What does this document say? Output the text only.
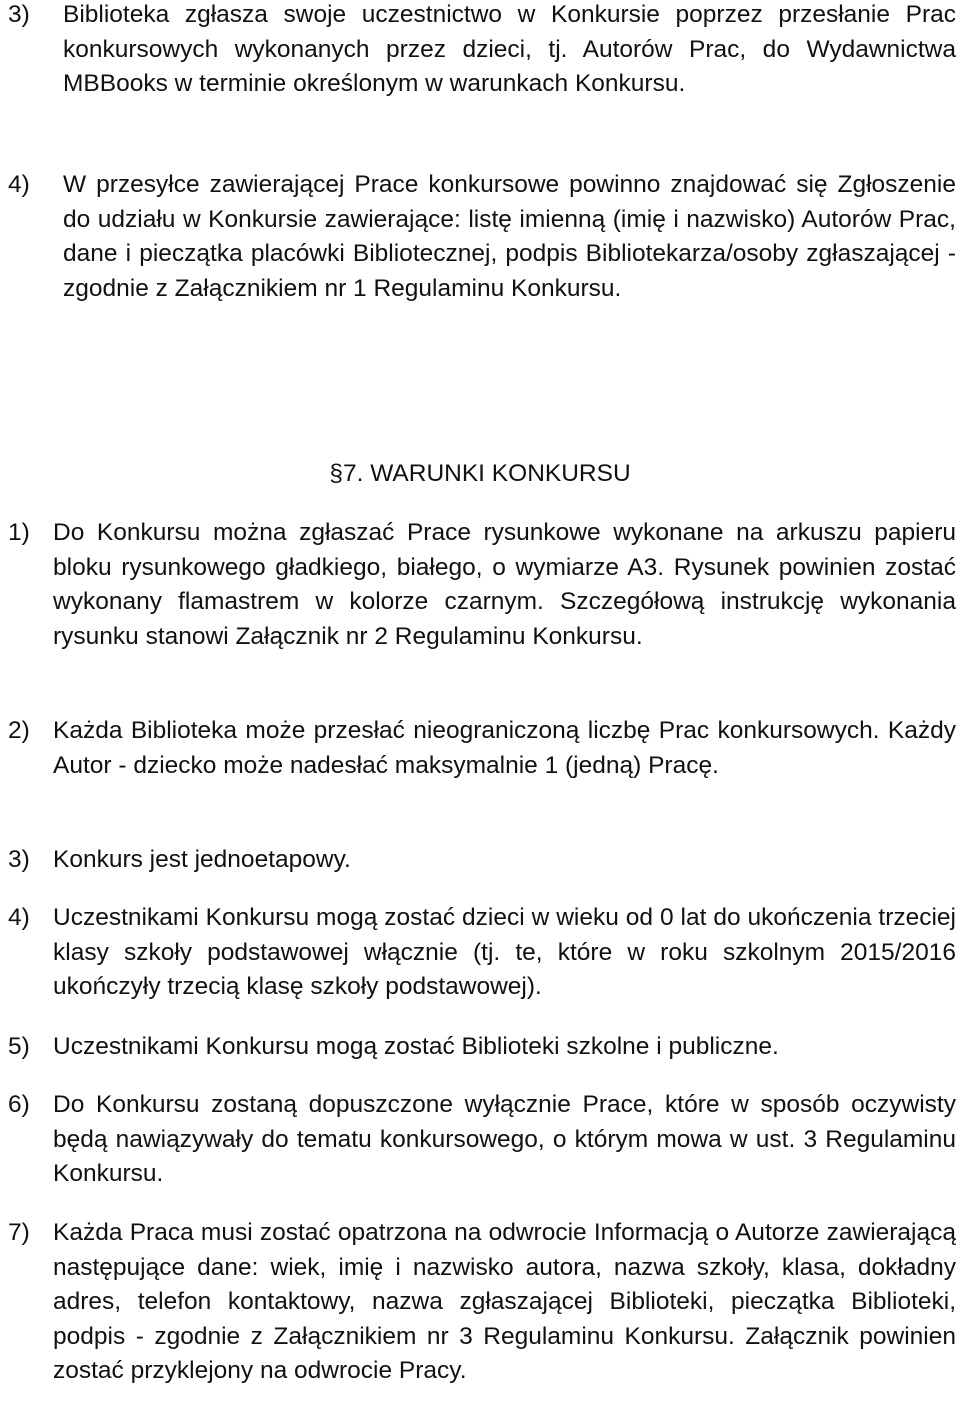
3) Biblioteka zgłasza swoje uczestnictwo w Konkursie poprzez przesłanie Prac konkursowych wykonanych przez dzieci, tj. Autorów Prac, do Wydawnictwa MBBooks w terminie określonym w warunkach Konkursu.
4) W przesyłce zawierającej Prace konkursowe powinno znajdować się Zgłoszenie do udziału w Konkursie zawierające: listę imienną (imię i nazwisko) Autorów Prac, dane i pieczątka placówki Bibliotecznej, podpis Bibliotekarza/osoby zgłaszającej - zgodnie z Załącznikiem nr 1 Regulaminu Konkursu.
§7. WARUNKI KONKURSU
1) Do Konkursu można zgłaszać Prace rysunkowe wykonane na arkuszu papieru bloku rysunkowego gładkiego, białego, o wymiarze A3. Rysunek powinien zostać wykonany flamastrem w kolorze czarnym. Szczegółową instrukcję wykonania rysunku stanowi Załącznik nr 2 Regulaminu Konkursu.
2) Każda Biblioteka może przesłać nieograniczoną liczbę Prac konkursowych. Każdy Autor - dziecko może nadesłać maksymalnie 1 (jedną) Pracę.
3) Konkurs jest jednoetapowy.
4) Uczestnikami Konkursu mogą zostać dzieci w wieku od 0 lat do ukończenia trzeciej klasy szkoły podstawowej włącznie (tj. te, które w roku szkolnym 2015/2016 ukończyły trzecią klasę szkoły podstawowej).
5) Uczestnikami Konkursu mogą zostać Biblioteki szkolne i publiczne.
6) Do Konkursu zostaną dopuszczone wyłącznie Prace, które w sposób oczywisty będą nawiązywały do tematu konkursowego, o którym mowa w ust. 3 Regulaminu Konkursu.
7) Każda Praca musi zostać opatrzona na odwrocie Informacją o Autorze zawierającą następujące dane: wiek, imię i nazwisko autora, nazwa szkoły, klasa, dokładny adres, telefon kontaktowy, nazwa zgłaszającej Biblioteki, pieczątka Biblioteki, podpis - zgodnie z Załącznikiem nr 3 Regulaminu Konkursu. Załącznik powinien zostać przyklejony na odwrocie Pracy.
